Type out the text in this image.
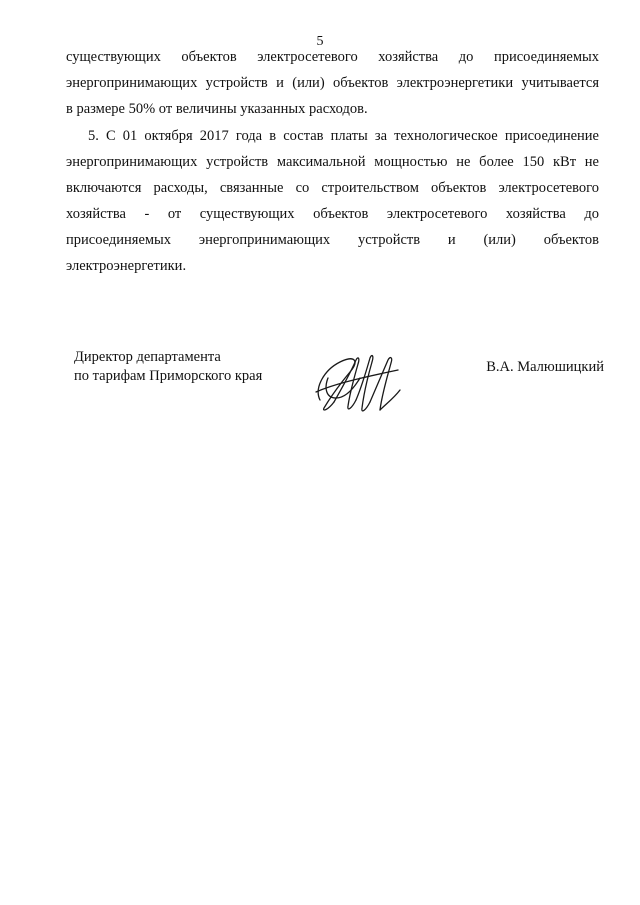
5
существующих объектов электросетевого хозяйства до присоединяемых
энергопринимающих устройств и (или) объектов электроэнергетики учитывается
в размере 50% от величины указанных расходов.
5. С 01 октября 2017 года в состав платы за технологическое присоединение
энергопринимающих устройств максимальной мощностью не более 150 кВт не
включаются расходы, связанные со строительством объектов электросетевого
хозяйства - от существующих объектов электросетевого хозяйства до
присоединяемых энергопринимающих устройств и (или) объектов
электроэнергетики.
Директор департамента
по тарифам Приморского края
В.А. Малюшицкий
